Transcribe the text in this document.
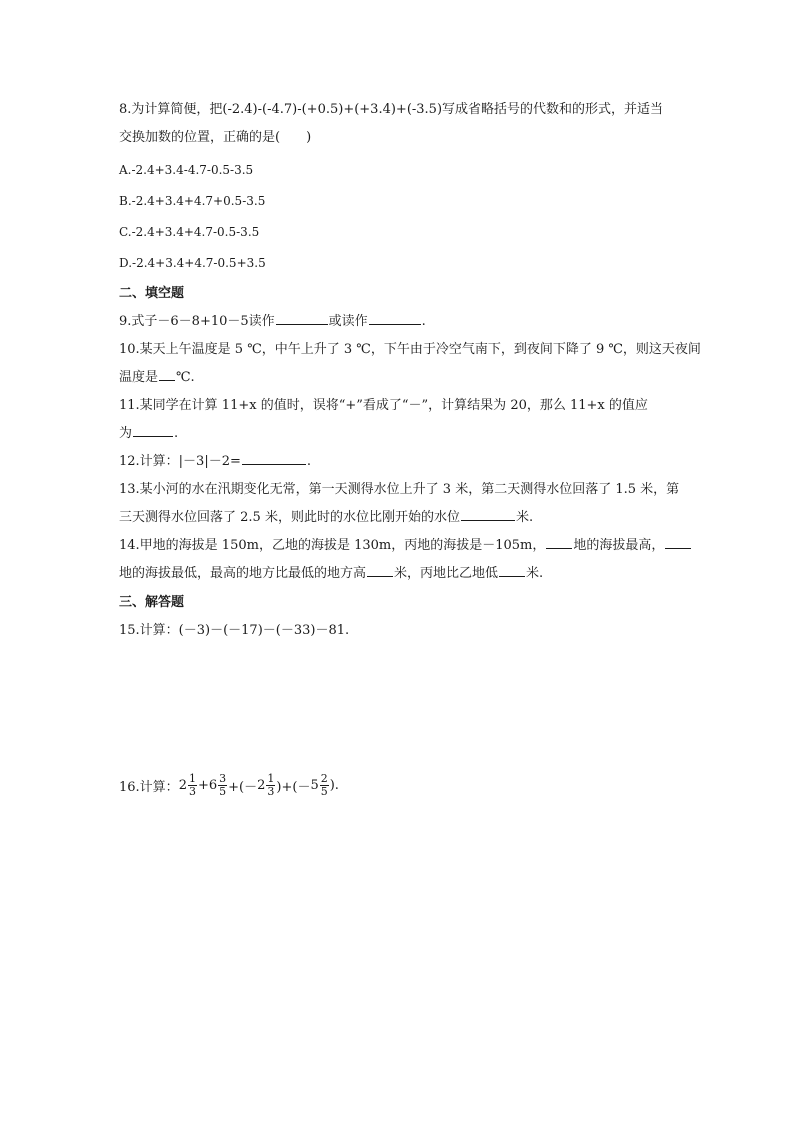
8.为计算简便，把(-2.4)-(-4.7)-(+0.5)+(+3.4)+(-3.5)写成省略括号的代数和的形式，并适当
交换加数的位置，正确的是(　　)
A.-2.4+3.4-4.7-0.5-3.5
B.-2.4+3.4+4.7+0.5-3.5
C.-2.4+3.4+4.7-0.5-3.5
D.-2.4+3.4+4.7-0.5+3.5
二、填空题
9.式子－6－8+10－5读作	或读作	.
10.某天上午温度是 5 ℃，中午上升了 3 ℃，下午由于冷空气南下，到夜间下降了 9 ℃，则这天夜间
温度是 ℃.
11.某同学在计算 11+x 的值时，误将“+”看成了“－”，计算结果为 20，那么 11+x 的值应
为	.
12.计算：|－3|－2=	.
13.某小河的水在汛期变化无常，第一天测得水位上升了 3 米，第二天测得水位回落了 1.5 米，第
三天测得水位回落了 2.5 米，则此时的水位比刚开始的水位	米.
14.甲地的海拔是 150m，乙地的海拔是 130m，丙地的海拔是－105m， 地的海拔最高，
地的海拔最低，最高的地方比最低的地方高 米，丙地比乙地低 米.
三、解答题
15.计算：(－3)－(－17)－(－33)－81.
16.计算： $2 \frac{1}{3} + 6 \frac{3}{5}$ +(－ $2 \frac{1}{3}$ )+(－ $5 \frac{2}{5}$ ).
